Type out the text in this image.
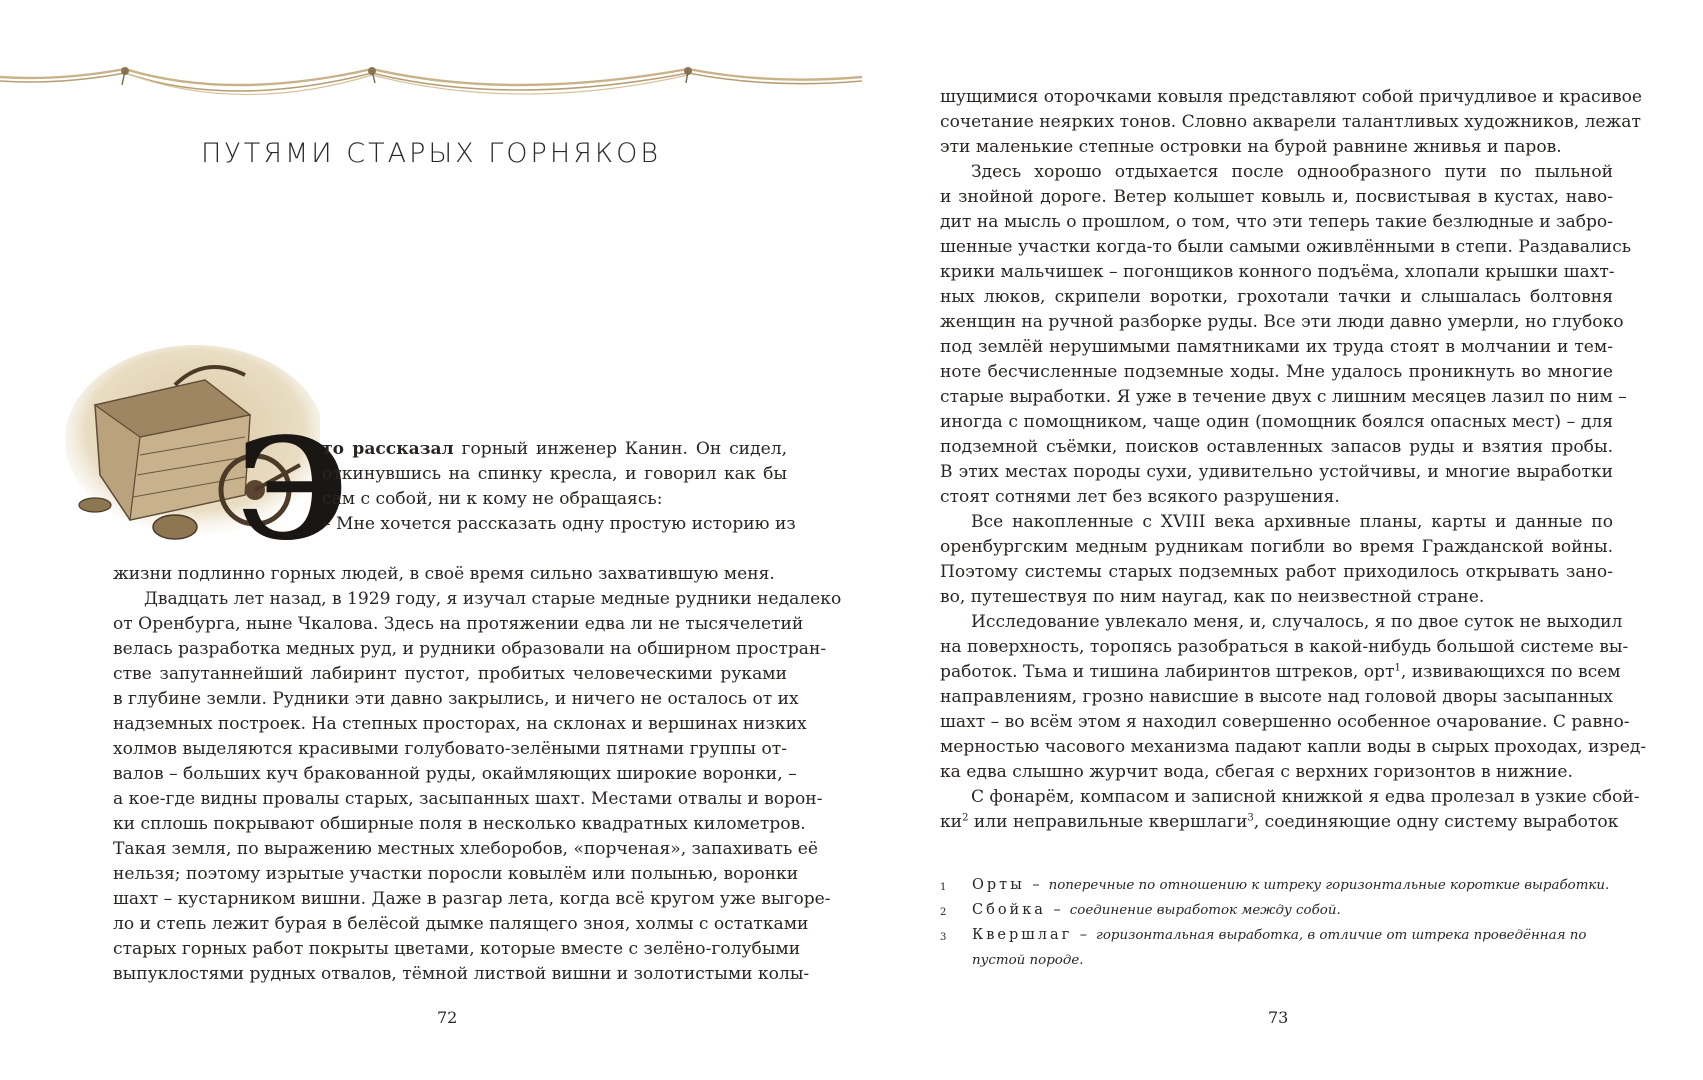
ПУТЯМИ СТАРЫХ ГОРНЯКОВ
Э
то рассказал горный инженер Канин. Он сидел,
откинувшись на спинку кресла, и говорил как бы
сам с собой, ни к кому не обращаясь:
– Мне хочется рассказать одну простую историю из
жизни подлинно горных людей, в своё время сильно захватившую меня.
Двадцать лет назад, в 1929 году, я изучал старые медные рудники недалеко
от Оренбурга, ныне Чкалова. Здесь на протяжении едва ли не тысячелетий
велась разработка медных руд, и рудники образовали на обширном простран-
стве запутаннейший лабиринт пустот, пробитых человеческими руками
в глубине земли. Рудники эти давно закрылись, и ничего не осталось от их
надземных построек. На степных просторах, на склонах и вершинах низких
холмов выделяются красивыми голубовато-зелёными пятнами группы от-
валов – больших куч бракованной руды, окаймляющих широкие воронки, –
а кое-где видны провалы старых, засыпанных шахт. Местами отвалы и ворон-
ки сплошь покрывают обширные поля в несколько квадратных километров.
Такая земля, по выражению местных хлеборобов, «порченая», запахивать её
нельзя; поэтому изрытые участки поросли ковылём или полынью, воронки
шахт – кустарником вишни. Даже в разгар лета, когда всё кругом уже выгоре-
ло и степь лежит бурая в белёсой дымке палящего зноя, холмы с остатками
старых горных работ покрыты цветами, которые вместе с зелёно-голубыми
выпуклостями рудных отвалов, тёмной листвой вишни и золотистыми колы-
72
шущимися оторочками ковыля представляют собой причудливое и красивое
сочетание неярких тонов. Словно акварели талантливых художников, лежат
эти маленькие степные островки на бурой равнине жнивья и паров.
Здесь хорошо отдыхается после однообразного пути по пыльной
и знойной дороге. Ветер колышет ковыль и, посвистывая в кустах, наво-
дит на мысль о прошлом, о том, что эти теперь такие безлюдные и забро-
шенные участки когда-то были самыми оживлёнными в степи. Раздавались
крики мальчишек – погонщиков конного подъёма, хлопали крышки шахт-
ных люков, скрипели воротки, грохотали тачки и слышалась болтовня
женщин на ручной разборке руды. Все эти люди давно умерли, но глубоко
под землёй нерушимыми памятниками их труда стоят в молчании и тем-
ноте бесчисленные подземные ходы. Мне удалось проникнуть во многие
старые выработки. Я уже в течение двух с лишним месяцев лазил по ним –
иногда с помощником, чаще один (помощник боялся опасных мест) – для
подземной съёмки, поисков оставленных запасов руды и взятия пробы.
В этих местах породы сухи, удивительно устойчивы, и многие выработки
стоят сотнями лет без всякого разрушения.
Все накопленные с XVIII века архивные планы, карты и данные по
оренбургским медным рудникам погибли во время Гражданской войны.
Поэтому системы старых подземных работ приходилось открывать зано-
во, путешествуя по ним наугад, как по неизвестной стране.
Исследование увлекало меня, и, случалось, я по двое суток не выходил
на поверхность, торопясь разобраться в какой-нибудь большой системе вы-
работок. Тьма и тишина лабиринтов штреков, орт$^1$, извивающихся по всем
направлениям, грозно нависшие в высоте над головой дворы засыпанных
шахт – во всём этом я находил совершенно особенное очарование. С равно-
мерностью часового механизма падают капли воды в сырых проходах, изред-
ка едва слышно журчит вода, сбегая с верхних горизонтов в нижние.
С фонарём, компасом и записной книжкой я едва пролезал в узкие сбой-
$ки^2$ или неправильные квершлаги$^3$, соединяющие одну систему выработок
1	Орты – поперечные по отношению к штреку горизонтальные короткие выработки.
2	Сбойка – соединение выработок между собой.
3	Квершлаг – горизонтальная выработка, в отличие от штрека проведённая по
пустой породе.
73
